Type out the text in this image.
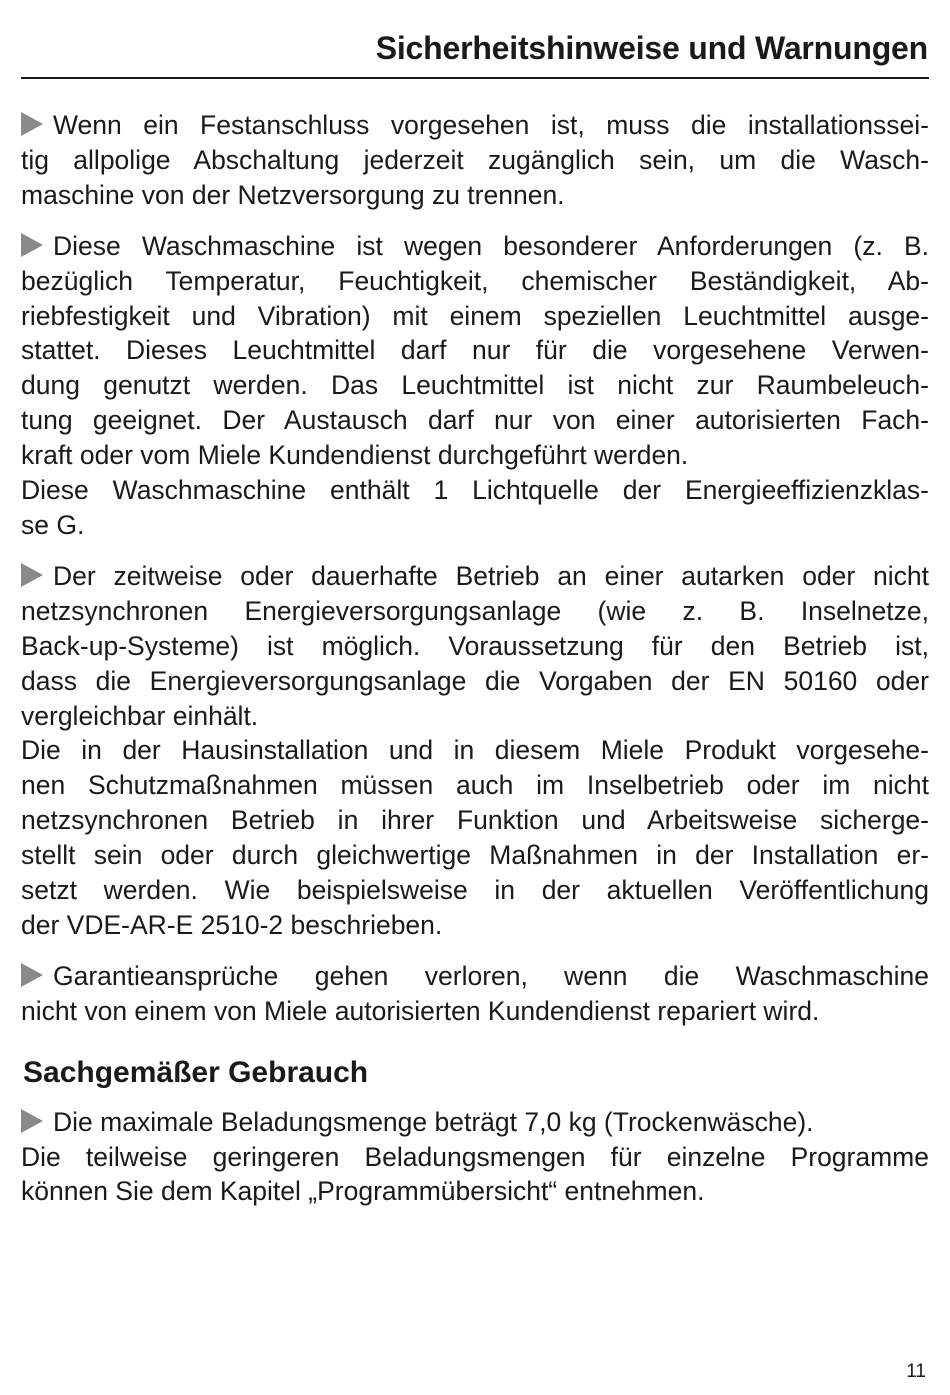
Sicherheitshinweise und Warnungen
Wenn ein Festanschluss vorgesehen ist, muss die installationssei-
tig allpolige Abschaltung jederzeit zugänglich sein, um die Wasch-
maschine von der Netzversorgung zu trennen.
Diese Waschmaschine ist wegen besonderer Anforderungen (z. B.
bezüglich Temperatur, Feuchtigkeit, chemischer Beständigkeit, Ab-
riebfestigkeit und Vibration) mit einem speziellen Leuchtmittel ausge-
stattet. Dieses Leuchtmittel darf nur für die vorgesehene Verwen-
dung genutzt werden. Das Leuchtmittel ist nicht zur Raumbeleuch-
tung geeignet. Der Austausch darf nur von einer autorisierten Fach-
kraft oder vom Miele Kundendienst durchgeführt werden.
Diese Waschmaschine enthält 1 Lichtquelle der Energieeffizienzklas-
se G.
Der zeitweise oder dauerhafte Betrieb an einer autarken oder nicht
netzsynchronen Energieversorgungsanlage (wie z. B. Inselnetze,
Back-up-Systeme) ist möglich. Voraussetzung für den Betrieb ist,
dass die Energieversorgungsanlage die Vorgaben der EN 50160 oder
vergleichbar einhält.
Die in der Hausinstallation und in diesem Miele Produkt vorgesehe-
nen Schutzmaßnahmen müssen auch im Inselbetrieb oder im nicht
netzsynchronen Betrieb in ihrer Funktion und Arbeitsweise sicherge-
stellt sein oder durch gleichwertige Maßnahmen in der Installation er-
setzt werden. Wie beispielsweise in der aktuellen Veröffentlichung
der VDE-AR-E 2510-2 beschrieben.
Garantieansprüche gehen verloren, wenn die Waschmaschine
nicht von einem von Miele autorisierten Kundendienst repariert wird.
Sachgemäßer Gebrauch
Die maximale Beladungsmenge beträgt 7,0 kg (Trockenwäsche).
Die teilweise geringeren Beladungsmengen für einzelne Programme
können Sie dem Kapitel „Programmübersicht“ entnehmen.
11
